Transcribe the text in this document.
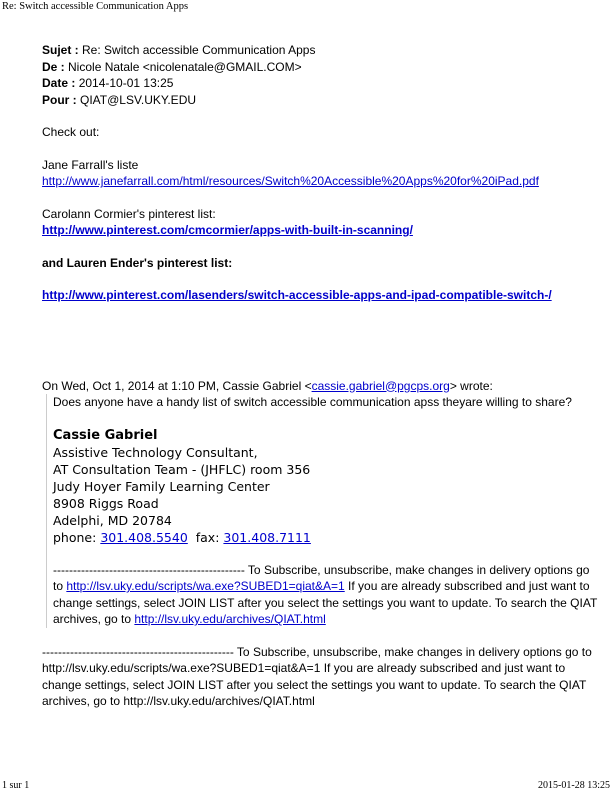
Re: Switch accessible Communication Apps

Sujet : Re: Switch accessible Communication Apps

De : Nicole Natale <nicolenatale@GMAIL.COM>

Date : 2014-10-01 13:25

Pour : QIAT@LSV.UKY.EDU

Check out:

Jane Farrall's liste

http://www.janefarrall.com/html/resources/Switch%20Accessible%20Apps%20for%20iPad.pdf

Carolann Cormier's pinterest list:

http://www.pinterest.com/cmcormier/apps-with-built-in-scanning/

and Lauren Ender's pinterest list:

http://www.pinterest.com/lasenders/switch-accessible-apps-and-ipad-compatible-switch-/

On Wed, Oct 1, 2014 at 1:10 PM, Cassie Gabriel <cassie.gabriel@pgcps.org> wrote:

Does anyone have a handy list of switch accessible communication apss theyare willing to share?

Cassie Gabriel

Assistive Technology Consultant,

AT Consultation Team - (JHFLC) room 356

Judy Hoyer Family Learning Center

8908 Riggs Road

Adelphi, MD 20784

phone: 301.408.5540 fax: 301.408.7111

------------------------------------------------ To Subscribe, unsubscribe, make changes in delivery options go to http://lsv.uky.edu/scripts/wa.exe?SUBED1=qiat&A=1 If you are already subscribed and just want to change settings, select JOIN LIST after you select the settings you want to update. To search the QIAT archives, go to http://lsv.uky.edu/archives/QIAT.html

------------------------------------------------ To Subscribe, unsubscribe, make changes in delivery options go to http://lsv.uky.edu/scripts/wa.exe?SUBED1=qiat&A=1 If you are already subscribed and just want to change settings, select JOIN LIST after you select the settings you want to update. To search the QIAT archives, go to http://lsv.uky.edu/archives/QIAT.html

1 sur 1	2015-01-28 13:25
